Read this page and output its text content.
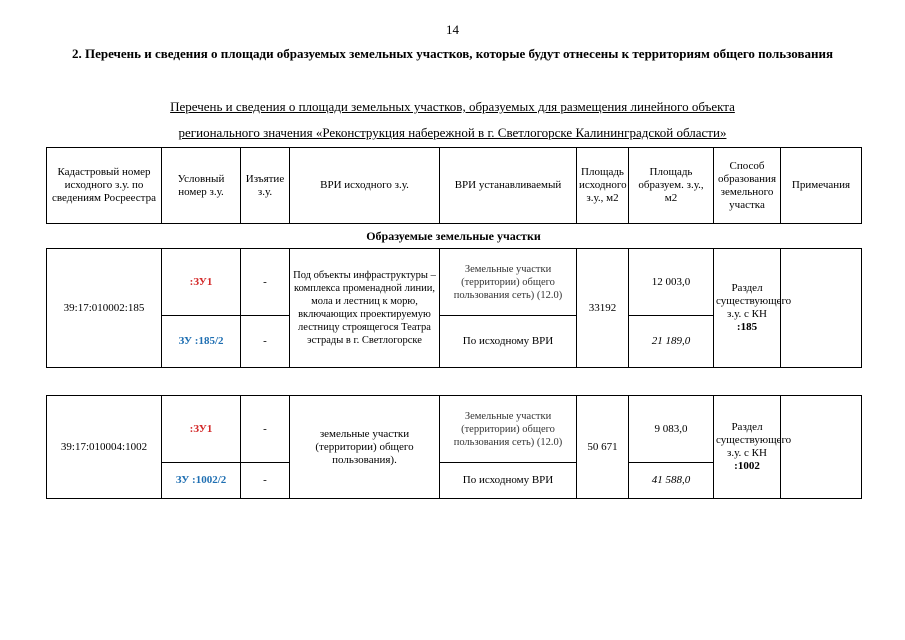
14
2. Перечень и сведения о площади образуемых земельных участков, которые будут отнесены к территориям общего пользования
Перечень и сведения о площади земельных участков, образуемых для размещения линейного объекта
регионального значения «Реконструкция набережной в г. Светлогорске Калининградской области»
Кадастровый номер исходного з.у. по сведениям Росреестра	Условный номер з.у.	Изъятие з.у.	ВРИ исходного з.у.	ВРИ устанавливаемый	Площадь исходного з.у., м2	Площадь образуем. з.у., м2	Способ образования земельного участка	Примечания
Образуемые земельные участки
39:17:010002:185	:ЗУ1	-	Под объекты инфраструктуры – комплекса променадной линии, мола и лестниц к морю, включающих проектируемую лестницу строящегося Театра эстрады в г. Светлогорске	Земельные участки (территории) общего пользования сеть) (12.0)	33192	12 003,0	Раздел существующего з.у. с КН :185	
	ЗУ :185/2	-		По исходному ВРИ		21 189,0		
39:17:010004:1002	:ЗУ1	-	земельные участки (территории) общего пользования).	Земельные участки (территории) общего пользования сеть) (12.0)	50 671	9 083,0	Раздел существующего з.у. с КН :1002	
	ЗУ :1002/2	-		По исходному ВРИ		41 588,0		
